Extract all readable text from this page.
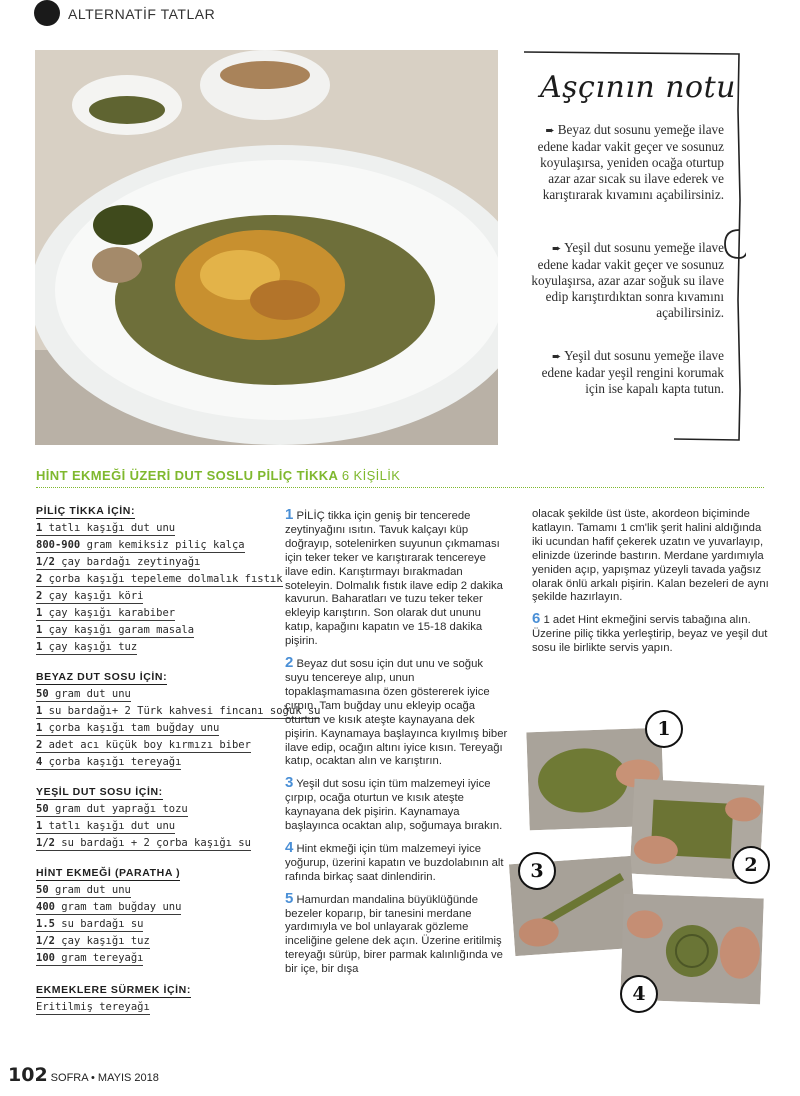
ALTERNATİF TATLAR
Aşçının notu
➨ Beyaz dut sosunu yemeğe ilave edene kadar vakit geçer ve sosunuz koyulaşırsa, yeniden ocağa oturtup azar azar sıcak su ilave ederek ve karıştırarak kıvamını açabilirsiniz.
➨ Yeşil dut sosunu yemeğe ilave edene kadar vakit geçer ve sosunuz koyulaşırsa, azar azar soğuk su ilave edip karıştırdıktan sonra kıvamını açabilirsiniz.
➨ Yeşil dut sosunu yemeğe ilave edene kadar yeşil rengini korumak için ise kapalı kapta tutun.
HİNT EKMEĞİ ÜZERİ DUT SOSLU PİLİÇ TİKKA 6 KİŞİLİK
PİLİÇ TİKKA İÇİN:
1 tatlı kaşığı dut unu
800-900 gram kemiksiz piliç kalça
1/2 çay bardağı zeytinyağı
2 çorba kaşığı tepeleme dolmalık fıstık
2 çay kaşığı köri
1 çay kaşığı karabiber
1 çay kaşığı garam masala
1 çay kaşığı tuz
BEYAZ DUT SOSU İÇİN:
50 gram dut unu
1 su bardağı+ 2 Türk kahvesi fincanı soğuk su
1 çorba kaşığı tam buğday unu
2 adet acı küçük boy kırmızı biber
4 çorba kaşığı tereyağı
YEŞİL DUT SOSU İÇİN:
50 gram dut yaprağı tozu
1 tatlı kaşığı dut unu
1/2 su bardağı + 2 çorba kaşığı su
HİNT EKMEĞİ (PARATHA )
50 gram dut unu
400 gram tam buğday unu
1.5 su bardağı su
1/2 çay kaşığı tuz
100 gram tereyağı
EKMEKLERE SÜRMEK İÇİN:
Eritilmiş tereyağı

1 PİLİÇ tikka için geniş bir tencerede zeytinyağını ısıtın. Tavuk kalçayı küp doğrayıp, sotelenirken suyunun çıkmaması için teker teker ve karıştırarak tencereye ilave edin. Karıştırmayı bırakmadan soteleyin. Dolmalık fıstık ilave edip 2 dakika kavurun. Baharatları ve tuzu teker teker ekleyip karıştırın. Son olarak dut ununu katıp, kapağını kapatın ve 15-18 dakika pişirin.

2 Beyaz dut sosu için dut unu ve soğuk suyu tencereye alıp, unun topaklaşmamasına özen göstererek iyice çırpın. Tam buğday unu ekleyip ocağa oturtun ve kısık ateşte kaynayana dek pişirin. Kaynamaya başlayınca kıyılmış biber ilave edip, ocağın altını iyice kısın. Tereyağı katıp, ocaktan alın ve karıştırın.

3 Yeşil dut sosu için tüm malzemeyi iyice çırpıp, ocağa oturtun ve kısık ateşte kaynayana dek pişirin. Kaynamaya başlayınca ocaktan alıp, soğumaya bırakın.

4 Hint ekmeği için tüm malzemeyi iyice yoğurup, üzerini kapatın ve buzdolabının alt rafında birkaç saat dinlendirin.

5 Hamurdan mandalina büyüklüğünde bezeler koparıp, bir tanesini merdane yardımıyla ve bol unlayarak gözleme inceliğine gelene dek açın. Üzerine eritilmiş tereyağı sürüp, birer parmak kalınlığında ve bir içe, bir dışa

olacak şekilde üst üste, akordeon biçiminde katlayın. Tamamı 1 cm'lik şerit halini aldığında iki ucundan hafif çekerek uzatın ve yuvarlayıp, elinizde üzerinde bastırın. Merdane yardımıyla yeniden açıp, yapışmaz yüzeyli tavada yağsız olarak önlü arkalı pişirin. Kalan bezeleri de aynı şekilde hazırlayın.

6 1 adet Hint ekmeğini servis tabağına alın. Üzerine piliç tikka yerleştirip, beyaz ve yeşil dut sosu ile birlikte servis yapın.

1
2
3
4
102 SOFRA • MAYIS 2018
